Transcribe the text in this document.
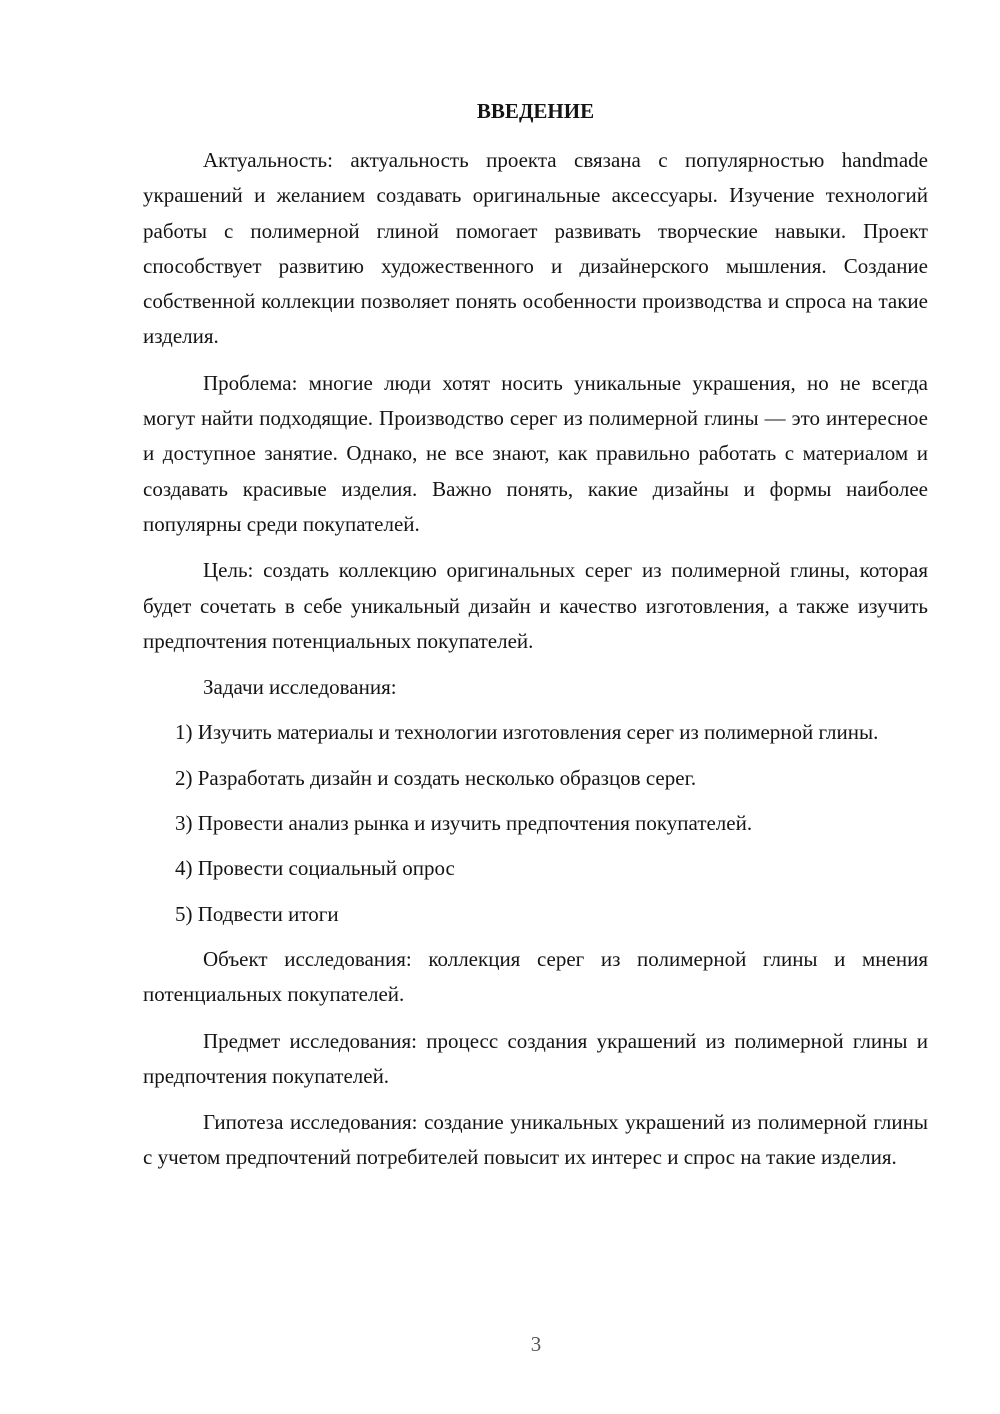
ВВЕДЕНИЕ

Актуальность: актуальность проекта связана с популярностью handmade украшений и желанием создавать оригинальные аксессуары. Изучение технологий работы с полимерной глиной помогает развивать творческие навыки. Проект способствует развитию художественного и дизайнерского мышления. Создание собственной коллекции позволяет понять особенности производства и спроса на такие изделия.

Проблема: многие люди хотят носить уникальные украшения, но не всегда могут найти подходящие. Производство серег из полимерной глины — это интересное и доступное занятие. Однако, не все знают, как правильно работать с материалом и создавать красивые изделия. Важно понять, какие дизайны и формы наиболее популярны среди покупателей.

Цель: создать коллекцию оригинальных серег из полимерной глины, которая будет сочетать в себе уникальный дизайн и качество изготовления, а также изучить предпочтения потенциальных покупателей.

Задачи исследования:

1) Изучить материалы и технологии изготовления серег из полимерной глины.

2) Разработать дизайн и создать несколько образцов серег.

3) Провести анализ рынка и изучить предпочтения покупателей.

4) Провести социальный опрос

5) Подвести итоги

Объект исследования: коллекция серег из полимерной глины и мнения потенциальных покупателей.

Предмет исследования: процесс создания украшений из полимерной глины и предпочтения покупателей.

Гипотеза исследования: создание уникальных украшений из полимерной глины с учетом предпочтений потребителей повысит их интерес и спрос на такие изделия.

3
